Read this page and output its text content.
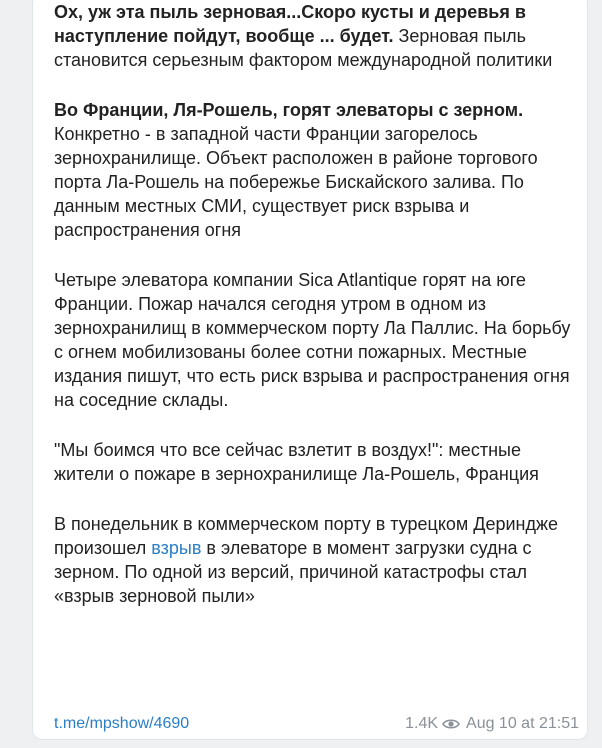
Ох, уж эта пыль зерновая...Скоро кусты и деревья в наступление пойдут, вообще ... будет. Зерновая пыль становится серьезным фактором международной политики

Во Франции, Ля-Рошель, горят элеваторы с зерном. Конкретно - в западной части Франции загорелось зернохранилище. Объект расположен в районе торгового порта Ла-Рошель на побережье Бискайского залива. По данным местных СМИ, существует риск взрыва и распространения огня

Четыре элеватора компании Sica Atlantique горят на юге Франции. Пожар начался сегодня утром в одном из зернохранилищ в коммерческом порту Ла Паллис. На борьбу с огнем мобилизованы более сотни пожарных. Местные издания пишут, что есть риск взрыва и распространения огня на соседние склады.

"Мы боимся что все сейчас взлетит в воздух!": местные жители о пожаре в зернохранилище Ла-Рошель, Франция

В понедельник в коммерческом порту в турецком Дериндже произошел взрыв в элеваторе в момент загрузки судна с зерном. По одной из версий, причиной катастрофы стал «взрыв зерновой пыли»

t.me/mpshow/4690	1.4K Aug 10 at 21:51
